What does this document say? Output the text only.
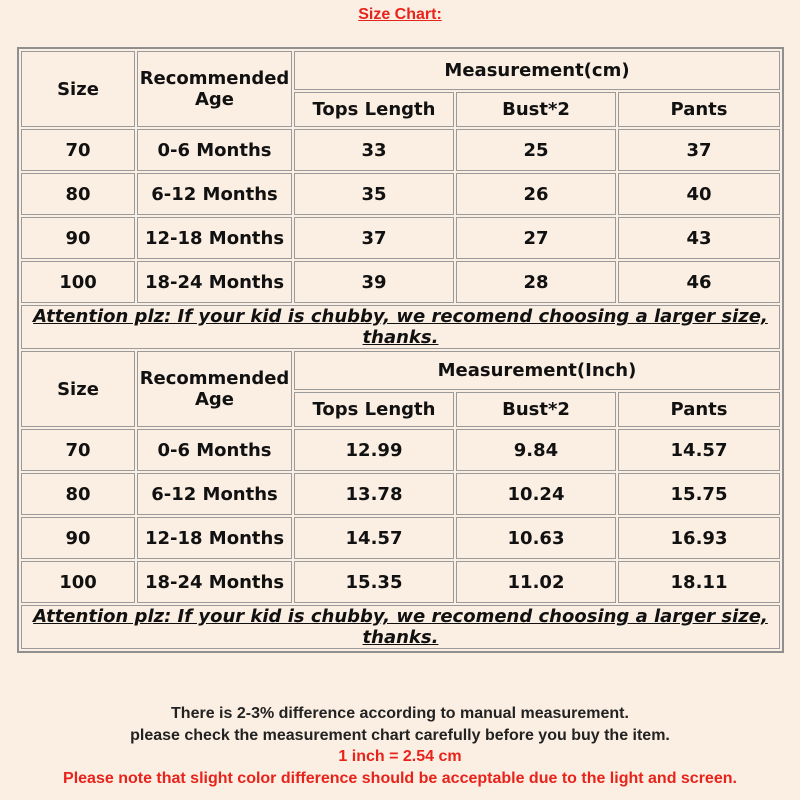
Size Chart:
Size	Recommended Age	Measurement(cm)		
		Tops Length	Bust*2	Pants
70	0-6 Months	33	25	37
80	6-12 Months	35	26	40
90	12-18 Months	37	27	43
100	18-24 Months	39	28	46
Attention plz: If your kid is chubby, we recomend choosing a larger size, thanks.				
Size	Recommended Age	Measurement(Inch)		
		Tops Length	Bust*2	Pants
70	0-6 Months	12.99	9.84	14.57
80	6-12 Months	13.78	10.24	15.75
90	12-18 Months	14.57	10.63	16.93
100	18-24 Months	15.35	11.02	18.11
Attention plz: If your kid is chubby, we recomend choosing a larger size, thanks.				
There is 2-3% difference according to manual measurement.
please check the measurement chart carefully before you buy the item.
1 inch = 2.54 cm
Please note that slight color difference should be acceptable due to the light and screen.
